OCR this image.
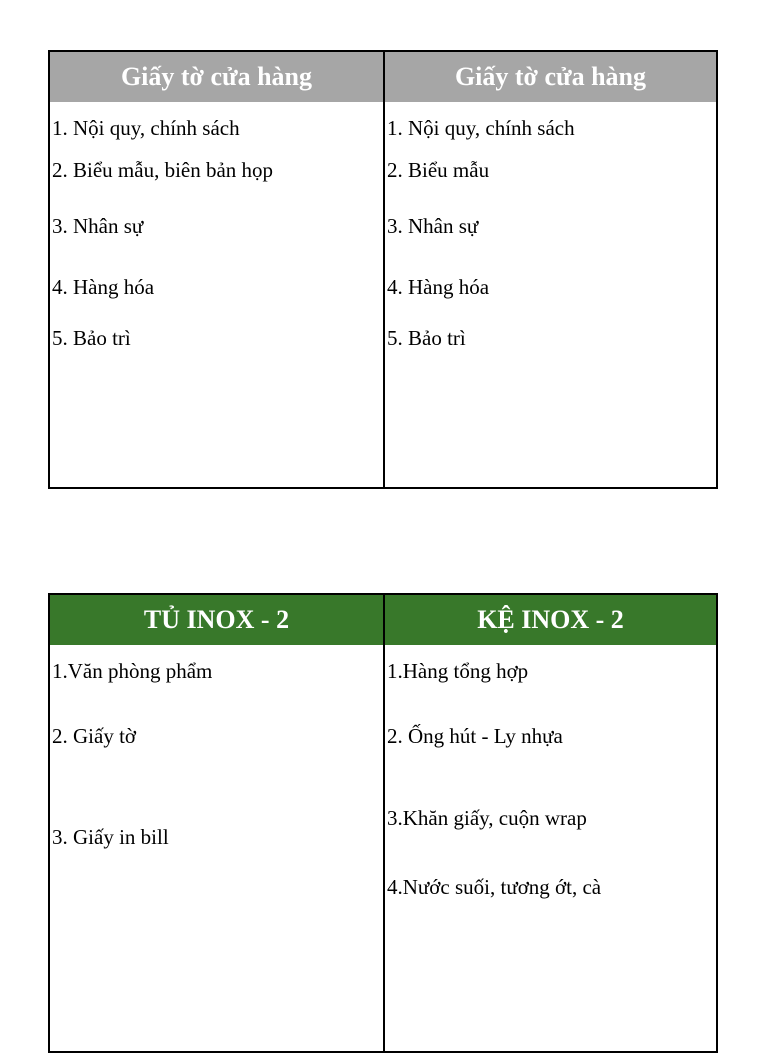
Giấy tờ cửa hàng
1. Nội quy, chính sách
2. Biểu mẫu, biên bản họp
3. Nhân sự
4. Hàng hóa
5. Bảo trì
Giấy tờ cửa hàng
1. Nội quy, chính sách
2. Biểu mẫu
3. Nhân sự
4. Hàng hóa
5. Bảo trì
TỦ INOX - 2
1.Văn phòng phẩm
2. Giấy tờ
3. Giấy in bill
KỆ INOX - 2
1.Hàng tổng hợp
2. Ống hút - Ly nhựa
3.Khăn giấy, cuộn wrap
4.Nước suối, tương ớt, cà
